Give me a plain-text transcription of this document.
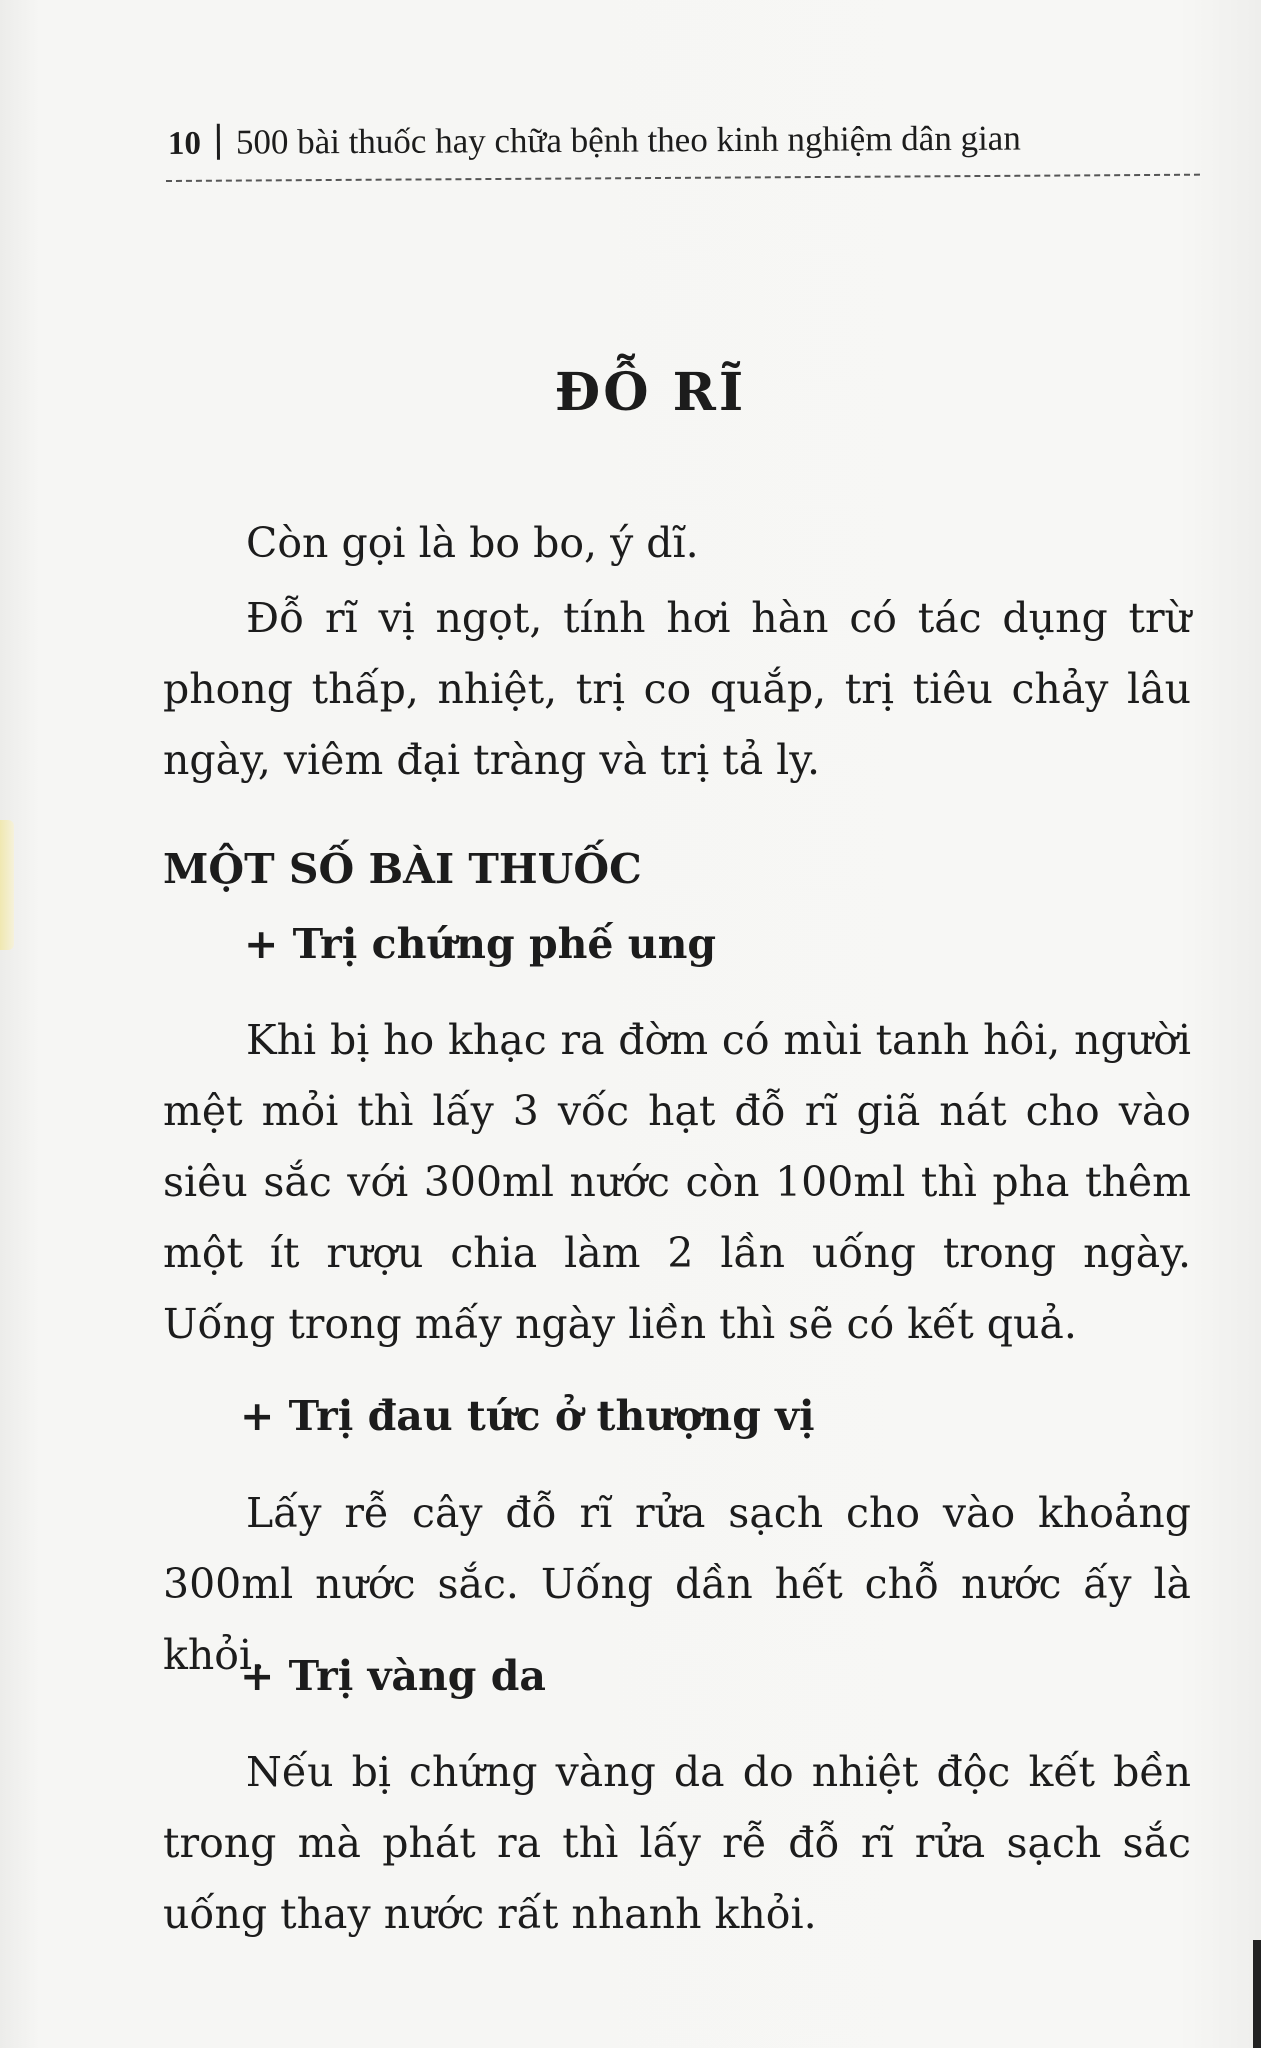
10 500 bài thuốc hay chữa bệnh theo kinh nghiệm dân gian
ĐỖ RĨ

Còn gọi là bo bo, ý dĩ.

Đỗ rĩ vị ngọt, tính hơi hàn có tác dụng trừ phong thấp, nhiệt, trị co quắp, trị tiêu chảy lâu ngày, viêm đại tràng và trị tả ly.

MỘT SỐ BÀI THUỐC
+ Trị chứng phế ung

Khi bị ho khạc ra đờm có mùi tanh hôi, người mệt mỏi thì lấy 3 vốc hạt đỗ rĩ giã nát cho vào siêu sắc với 300ml nước còn 100ml thì pha thêm một ít rượu chia làm 2 lần uống trong ngày. Uống trong mấy ngày liền thì sẽ có kết quả.

+ Trị đau tức ở thượng vị

Lấy rễ cây đỗ rĩ rửa sạch cho vào khoảng 300ml nước sắc. Uống dần hết chỗ nước ấy là khỏi.

+ Trị vàng da

Nếu bị chứng vàng da do nhiệt độc kết bền trong mà phát ra thì lấy rễ đỗ rĩ rửa sạch sắc uống thay nước rất nhanh khỏi.
